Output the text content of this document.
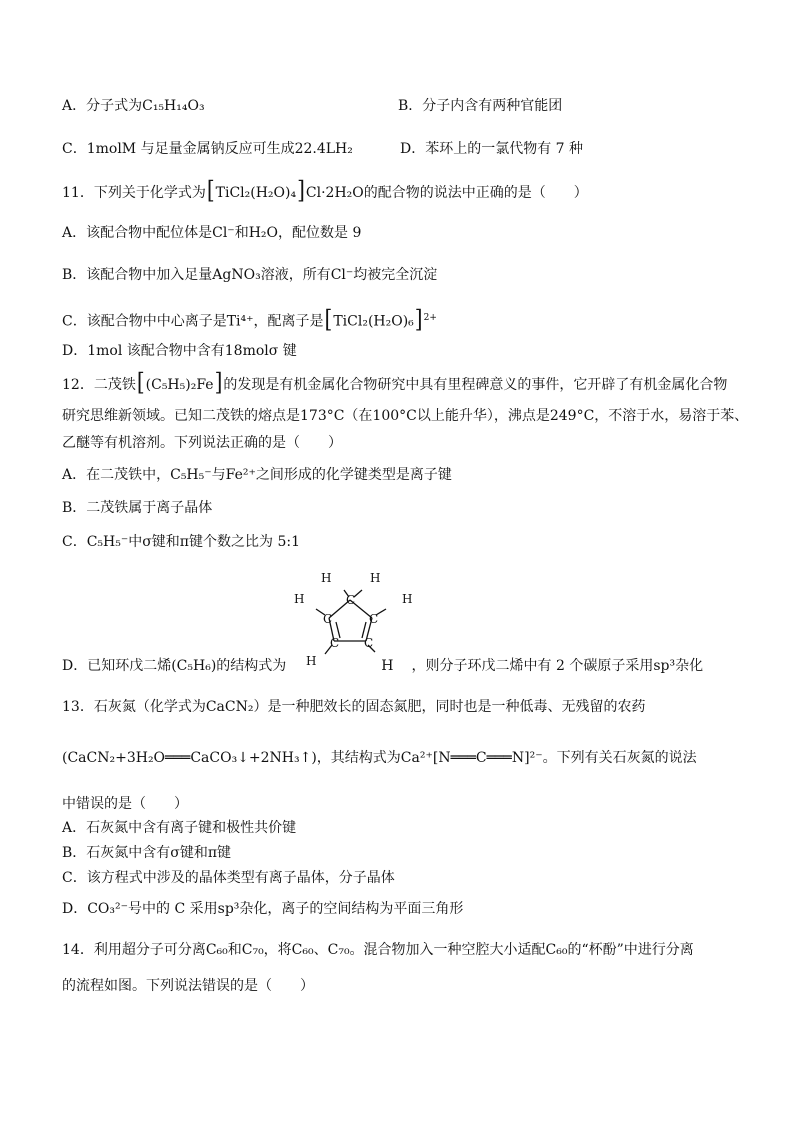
A．分子式为C₁₅H₁₄O₃	B．分子内含有两种官能团
C．1molM 与足量金属钠反应可生成22.4LH₂	D．苯环上的一氯代物有 7 种
11．下列关于化学式为[TiCl₂(H₂O)₄]Cl·2H₂O的配合物的说法中正确的是（　　）
A．该配合物中配位体是Cl⁻和H₂O，配位数是 9
B．该配合物中加入足量AgNO₃溶液，所有Cl⁻均被完全沉淀
C．该配合物中中心离子是Ti⁴⁺，配离子是[TiCl₂(H₂O)₆]$^{2+}$
D．1mol 该配合物中含有18molσ 键
12．二茂铁[(C₅H₅)₂Fe]的发现是有机金属化合物研究中具有里程碑意义的事件，它开辟了有机金属化合物
研究思维新领域。已知二茂铁的熔点是173°C（在100°C以上能升华），沸点是249°C，不溶于水，易溶于苯、
乙醚等有机溶剂。下列说法正确的是（　　）
A．在二茂铁中，C₅H₅⁻与Fe²⁺之间形成的化学键类型是离子键
B．二茂铁属于离子晶体
C．C₅H₅⁻中σ键和π键个数之比为 5:1
C
C	C
C C
H	H
H	H
H
D．已知环戊二烯(C₅H₆)的结构式为	H ，则分子环戊二烯中有 2 个碳原子采用sp³杂化
13．石灰氮（化学式为CaCN₂）是一种肥效长的固态氮肥，同时也是一种低毒、无残留的农药
(CaCN₂+3H₂O═══CaCO₃↓+2NH₃↑)，其结构式为Ca²⁺[N═══C═══N]²⁻。下列有关石灰氮的说法
中错误的是（　　）
A．石灰氮中含有离子键和极性共价键
B．石灰氮中含有σ键和π键
C．该方程式中涉及的晶体类型有离子晶体，分子晶体
D．CO₃²⁻号中的 C 采用sp³杂化，离子的空间结构为平面三角形
14．利用超分子可分离C₆₀和C₇₀，将C₆₀、C₇₀。混合物加入一种空腔大小适配C₆₀的“杯酚”中进行分离
的流程如图。下列说法错误的是（　　）
